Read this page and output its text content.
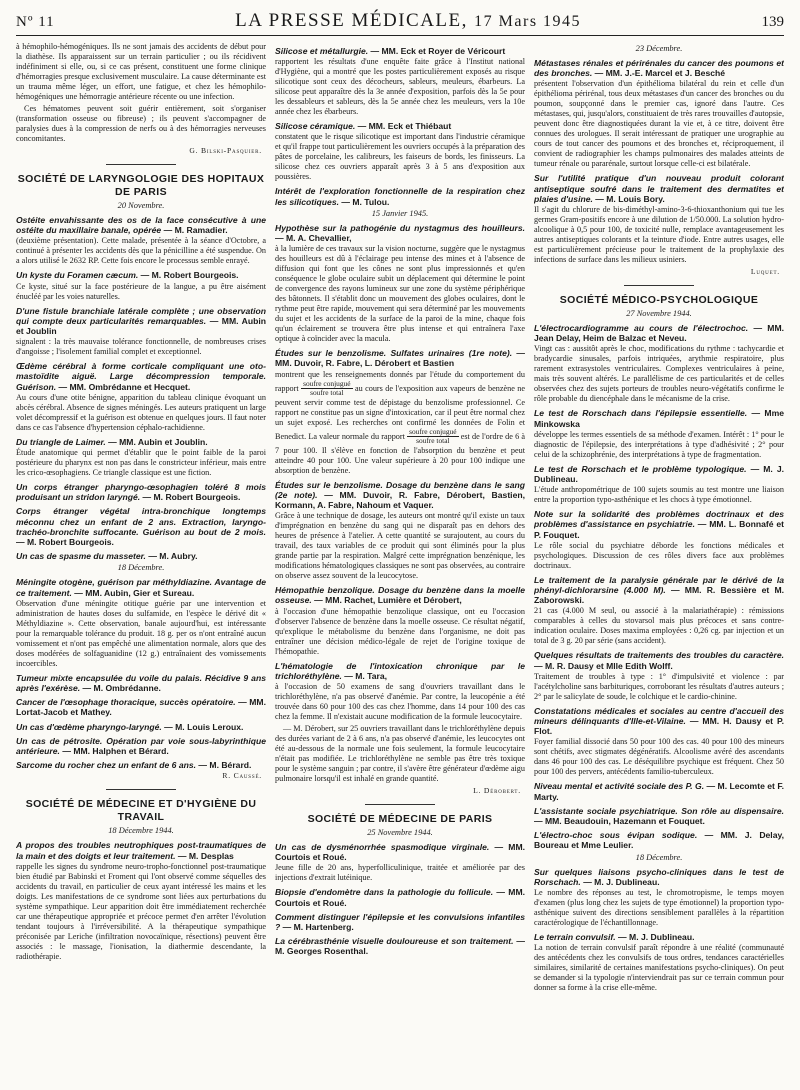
Nº 11	LA PRESSE MÉDICALE, 17 Mars 1945	139

à hémophilo-hémogéniques. Ils ne sont jamais des accidents de début pour la diathèse. Ils apparaissent sur un terrain particulier ; ou ils récidivent indéfiniment si elle, ou, si ce cas présent, constituent une forme clinique d'hémorragies presque exclusivement musculaire. La cause déterminante est un trauma même léger, un effort, une fatigue, et chez les hémophilo-hémogéniques une hémorragie antérieure récente ou une infection.

Ces hématomes peuvent soit guérir entièrement, soit s'organiser (transformation osseuse ou fibreuse) ; ils peuvent s'accompagner de paralysies dues à la compression de nerfs ou à des hémorragies nerveuses concomitantes.

G. Bilski-Pasquier.
SOCIÉTÉ DE LARYNGOLOGIE DES HOPITAUX DE PARIS
20 Novembre.
Ostéite envahissante des os de la face consécutive à une ostéite du maxillaire banale, opérée — M. Ramadier.

(deuxième présentation). Cette malade, présentée à la séance d'Octobre, a continué à présenter les accidents dès que la pénicilline a été suspendue. On a alors utilisé le 2632 RP. Cette fois encore le processus semble enrayé.

Un kyste du Foramen cæcum. — M. Robert Bourgeois.

Ce kyste, situé sur la face postérieure de la langue, a pu être aisément énucléé par les voies naturelles.

D'une fistule branchiale latérale complète ; une observation qui compte deux particularités remarquables. — MM. Aubin et Joublin

signalent : la très mauvaise tolérance fonctionnelle, de nombreuses crises d'angoisse ; l'isolement familial complet et exceptionnel.

Œdème cérébral à forme corticale compliquant une oto-mastoïdite aiguë. Large décompression temporale. Guérison. — MM. Ombrédanne et Hecquet.

Au cours d'une otite bénigne, apparition du tableau clinique évoquant un abcès cérébral. Absence de signes méningés. Les auteurs pratiquent un large volet décompressif et la guérison est obtenue en quelques jours. Il faut noter dans ce cas l'absence d'hypertension céphalo-rachidienne.

Du triangle de Laimer. — MM. Aubin et Joublin.

Étude anatomique qui permet d'établir que le point faible de la paroi postérieure du pharynx est non pas dans le constricteur inférieur, mais entre les crico-œsophagiens. Ce triangle classique est une fiction.

Un corps étranger pharyngo-œsophagien toléré 8 mois produisant un stridon laryngé. — M. Robert Bourgeois.
Corps étranger végétal intra-bronchique longtemps méconnu chez un enfant de 2 ans. Extraction, laryngo-trachéo-bronchite suffocante. Guérison au bout de 2 mois. — M. Robert Bourgeois.
Un cas de spasme du masseter. — M. Aubry.
18 Décembre.
Méningite otogène, guérison par méthyldiazine. Avantage de ce traitement. — MM. Aubin, Gier et Sureau.

Observation d'une méningite otitique guérie par une intervention et administration de hautes doses du sulfamide, en l'espèce le dérivé dit « Méthyldiazine ». Cette observation, banale aujourd'hui, est intéressante pour la remarquable tolérance du produit. 18 g. per os n'ont entraîné aucun vomissement et n'ont pas empêché une alimentation normale, alors que des doses modérées de solfaguanidine (12 g.) entraînaient des vomissements incoercibles.

Tumeur mixte encapsulée du voile du palais. Récidive 9 ans après l'exérèse. — M. Ombrédanne.
Cancer de l'œsophage thoracique, succès opératoire. — MM. Lortat-Jacob et Mathey.
Un cas d'œdème pharyngo-laryngé. — M. Louis Leroux.
Un cas de pétrosite. Opération par voie sous-labyrinthique antérieure. — MM. Halphen et Bérard.
Sarcome du rocher chez un enfant de 6 ans. — M. Bérard.
R. Caussé.
SOCIÉTÉ DE MÉDECINE ET D'HYGIÈNE DU TRAVAIL
18 Décembre 1944.
A propos des troubles neutrophiques post-traumatiques de la main et des doigts et leur traitement. — M. Desplas

rappelle les signes du syndrome neuro-tropho-fonctionnel post-traumatique bien étudié par Babinski et Froment qui l'ont observé comme séquelles des accidents du travail, en particulier de ceux ayant intéressé les mains et les doigts. Les manifestations de ce syndrome sont liées aux perturbations du système sympathique. Leur apparition doit être immédiatement recherchée car une thérapeutique appropriée et précoce permet d'en arrêter l'évolution tendant toujours à l'irréversibilité. A la thérapeutique sympathique préconisée par Leriche (infiltration novocaïnique, résections) peuvent être associés : le massage, l'ionisation, la diathermie descendante, la radiothérapie.

Silicose et métallurgie. — MM. Eck et Royer de Véricourt

rapportent les résultats d'une enquête faite grâce à l'Institut national d'Hygiène, qui a montré que les postes particulièrement exposés au risque silicotique sont ceux des décocheurs, sableurs, meuleurs, ébarbeurs. La silicose peut apparaître dès la 3e année d'exposition, parfois dès la 5e pour les dessableurs et sableurs, dès la 5e année chez les meuleurs, vers la 10e année chez les ébarbeurs.

Silicose céramique. — MM. Eck et Thiébaut

constatent que le risque silicotique est important dans l'industrie céramique et qu'il frappe tout particulièrement les ouvriers occupés à la préparation des pâtes de porcelaine, les calibreurs, les faiseurs de bords, les finisseurs. La silicose chez ces ouvriers apparaît après 3 à 5 ans d'exposition aux poussières.

Intérêt de l'exploration fonctionnelle de la respiration chez les silicotiques. — M. Tulou.
15 Janvier 1945.
Hypothèse sur la pathogénie du nystagmus des houilleurs. — M. A. Chevallier,

à la lumière de ces travaux sur la vision nocturne, suggère que le nystagmus des houilleurs est dû à l'éclairage peu intense des mines et à l'absence de diffusion qui font que les cônes ne sont plus impressionnés et qu'en conséquence le globe oculaire subit un déplacement qui détermine le point de convergence des rayons lumineux sur une zone du système périphérique des bâtonnets. Il s'établit donc un mouvement des globes oculaires, dont le rythme peut être rapide, mouvement qui sera déterminé par les mouvements du sujet et les accidents de la surface de la paroi de la mine, chaque fois qu'un éclairement se trouvera être plus intense et qui entraînera l'axe optique à coïncider avec la macula.

Études sur le benzolisme. Sulfates urinaires (1re note). — MM. Duvoir, R. Fabre, L. Dérobert et Bastien

montrent que les renseignements donnés par l'étude du comportement du rapport $\frac{\text{soufre conjugué}}{\text{soufre total}}$ au cours de l'exposition aux vapeurs de benzène ne peuvent servir comme test de dépistage du benzolisme professionnel. Ce rapport ne constitue pas un signe d'intoxication, car il peut être normal chez un sujet exposé. Les recherches ont confirmé les données de Folin et Benedict. La valeur normale du rapport $\frac{\text{soufre conjugué}}{\text{soufre total}}$ est de l'ordre de 6 à 7 pour 100. Il s'élève en fonction de l'absorption du benzène et peut atteindre 40 pour 100. Une valeur supérieure à 20 pour 100 indique une absorption de benzène.

Études sur le benzolisme. Dosage du benzène dans le sang (2e note). — MM. Duvoir, R. Fabre, Dérobert, Bastien, Kormann, A. Fabre, Nahoum et Vaquer.

Grâce à une technique de dosage, les auteurs ont montré qu'il existe un taux d'imprégnation en benzène du sang qui ne disparaît pas en dehors des heures de présence à l'atelier. A cette quantité se surajoutent, au cours du travail, des taux variables de ce produit qui sont éliminés pour la plus grande partie par la respiration. Malgré cette imprégnation benzénique, les modifications hématologiques classiques ne sont pas observées, au contraire on observe assez souvent de la leucocytose.

Hémopathie benzolique. Dosage du benzène dans la moelle osseuse. — MM. Rachet, Lumière et Dérobert,

à l'occasion d'une hémopathie benzolique classique, ont eu l'occasion d'observer l'absence de benzène dans la moelle osseuse. Ce résultat négatif, qu'explique le métabolisme du benzène dans l'organisme, ne doit pas entraîner une décision médico-légale de rejet de l'origine toxique de l'hémopathie.

L'hématologie de l'intoxication chronique par le trichloréthylène. — M. Tara,

à l'occasion de 50 examens de sang d'ouvriers travaillant dans le trichloréthylène, n'a pas observé d'anémie. Par contre, la leucopénie a été trouvée dans 60 pour 100 des cas chez l'homme, dans 14 pour 100 des cas chez la femme. Il n'existait aucune modification de la formule leucocytaire.

— M. Dérobert, sur 25 ouvriers travaillant dans le trichloréthylène depuis des durées variant de 2 à 6 ans, n'a pas observé d'anémie, les leucocytes ont été au-dessous de la normale une fois seulement, la formule leucocytaire n'était pas modifiée. Le trichloréthylène ne semble pas être très toxique pour le système sanguin ; par contre, il s'avère être générateur d'œdème aigu pulmonaire lorsqu'il est inhalé en grande quantité.

L. Dérobert.
SOCIÉTÉ DE MÉDECINE DE PARIS
25 Novembre 1944.
Un cas de dysménorrhée spasmodique virginale. — MM. Courtois et Roué.

Jeune fille de 20 ans, hyperfolliculinique, traitée et améliorée par des injections d'extrait lutéinique.

Biopsie d'endomètre dans la pathologie du follicule. — MM. Courtois et Roué.
Comment distinguer l'épilepsie et les convulsions infantiles ? — M. Hartenberg.
La cérébrasthénie visuelle douloureuse et son traitement. — M. Georges Rosenthal.
23 Décembre.
Métastases rénales et périrénales du cancer des poumons et des bronches. — MM. J.-E. Marcel et J. Besché

présentent l'observation d'un épithélioma bilatéral du rein et celle d'un épithélioma périrénal, tous deux métastases d'un cancer des bronches ou du poumon, soupçonné dans le premier cas, ignoré dans l'autre. Ces métastases, qui, jusqu'alors, constituaient de très rares trouvailles d'autopsie, peuvent donc être diagnostiquées durant la vie et, à ce titre, doivent être connues des urologues. Il serait intéressant de pratiquer une urographie au cours de tout cancer des poumons et des bronches et, réciproquement, il convient de radiographier les champs pulmonaires des malades atteints de tumeur rénale ou pararénale, surtout lorsque celle-ci est bilatérale.

Sur l'utilité pratique d'un nouveau produit colorant antiseptique soufré dans le traitement des dermatites et plaies d'usine. — M. Louis Bory.

Il s'agit du chlorure de bis-diméthyl-amino-3-6-thioxanthonium qui tue les germes Gram-positifs encore à une dilution de 1/50.000. La solution hydro-alcoolique à 0,5 pour 100, de toxicité nulle, remplace avantageusement les autres antiseptiques colorants et la teinture d'iode. Entre autres usages, elle est particulièrement précieuse pour le traitement de la prophylaxie des infections de surface dans les milieux usiniers.

Luquet.
SOCIÉTÉ MÉDICO-PSYCHOLOGIQUE
27 Novembre 1944.
L'électrocardiogramme au cours de l'électrochoc. — MM. Jean Delay, Heim de Balzac et Neveu.

Vingt cas : aussitôt après le choc, modifications du rythme : tachycardie et bradycardie sinusales, parfois intriquées, arythmie respiratoire, plus rarement extrasystoles ventriculaires. Complexes ventriculaires à peine, mais très souvent altérés. Le parallélisme de ces particularités et de celles observées chez des sujets porteurs de troubles neuro-végétatifs confirme le rôle probable du diencéphale dans le mécanisme de la crise.

Le test de Rorschach dans l'épilepsie essentielle. — Mme Minkowska

développe les termes essentiels de sa méthode d'examen. Intérêt : 1° pour le diagnostic de l'épilepsie, des interprétations à type d'adhésivité ; 2° pour celui de la schizophrénie, des interprétations à type de fragmentation.

Le test de Rorschach et le problème typologique. — M. J. Dublineau.

L'étude anthropométrique de 100 sujets soumis au test montre une liaison entre la proportion typo-asthénique et les chocs à type émotionnel.

Note sur la solidarité des problèmes doctrinaux et des problèmes d'assistance en psychiatrie. — MM. L. Bonnafé et P. Fouquet.

Le rôle social du psychiatre déborde les fonctions médicales et psychologiques. Discussion de ces rôles divers face aux problèmes doctrinaux.

Le traitement de la paralysie générale par le dérivé de la phényl-dichlorarsine (4.000 M). — MM. R. Bessière et M. Zaborowski.

21 cas (4.000 M seul, ou associé à la malariathérapie) : rémissions comparables à celles du stovarsol mais plus précoces et sans contre-indication oculaire. Doses maxima employées : 0,26 cg. par injection et un total de 3 g. 20 par série (sans accident).

Quelques résultats de traitements des troubles du caractère. — M. R. Dausy et Mlle Edith Wolff.

Traitement de troubles à type : 1° d'impulsivité et violence : par l'acétylcholine sans barbituriques, corroborant les résultats d'autres auteurs ; 2° par le salicylate de soude, le colchique et le cardio-chinine.

Constatations médicales et sociales au centre d'accueil des mineurs délinquants d'Ille-et-Vilaine. — MM. H. Dausy et P. Flot.

Foyer familial dissocié dans 50 pour 100 des cas. 40 pour 100 des mineurs sont chétifs, avec stigmates dégénératifs. Alcoolisme avéré des ascendants dans 46 pour 100 des cas. Le déséquilibre psychique est fréquent. Chez 50 pour 100 des pervers, antécédents familio-tuberculeux.

Niveau mental et activité sociale des P. G. — M. Lecomte et F. Marty.
L'assistante sociale psychiatrique. Son rôle au dispensaire. — MM. Beaudouin, Hazemann et Fouquet.
L'électro-choc sous évipan sodique. — MM. J. Delay, Boureau et Mme Leulier.
18 Décembre.
Sur quelques liaisons psycho-cliniques dans le test de Rorschach. — M. J. Dublineau.

Le nombre des réponses au test, le chromotropisme, le temps moyen d'examen (plus long chez les sujets de type émotionnel) la proportion typo-asthénique suivent des directions sensiblement parallèles à la répartition caractérologique de l'échantillonnage.

Le terrain convulsif. — M. J. Dublineau.

La notion de terrain convulsif paraît répondre à une réalité (communauté des antécédents chez les convulsifs de tous ordres, tendances caractérielles similaires, similarité de certaines manifestations psycho-cliniques). On peut se demander si la typologie n'interviendrait pas sur ce terrain commun pour donner sa forme à la crise elle-même.
